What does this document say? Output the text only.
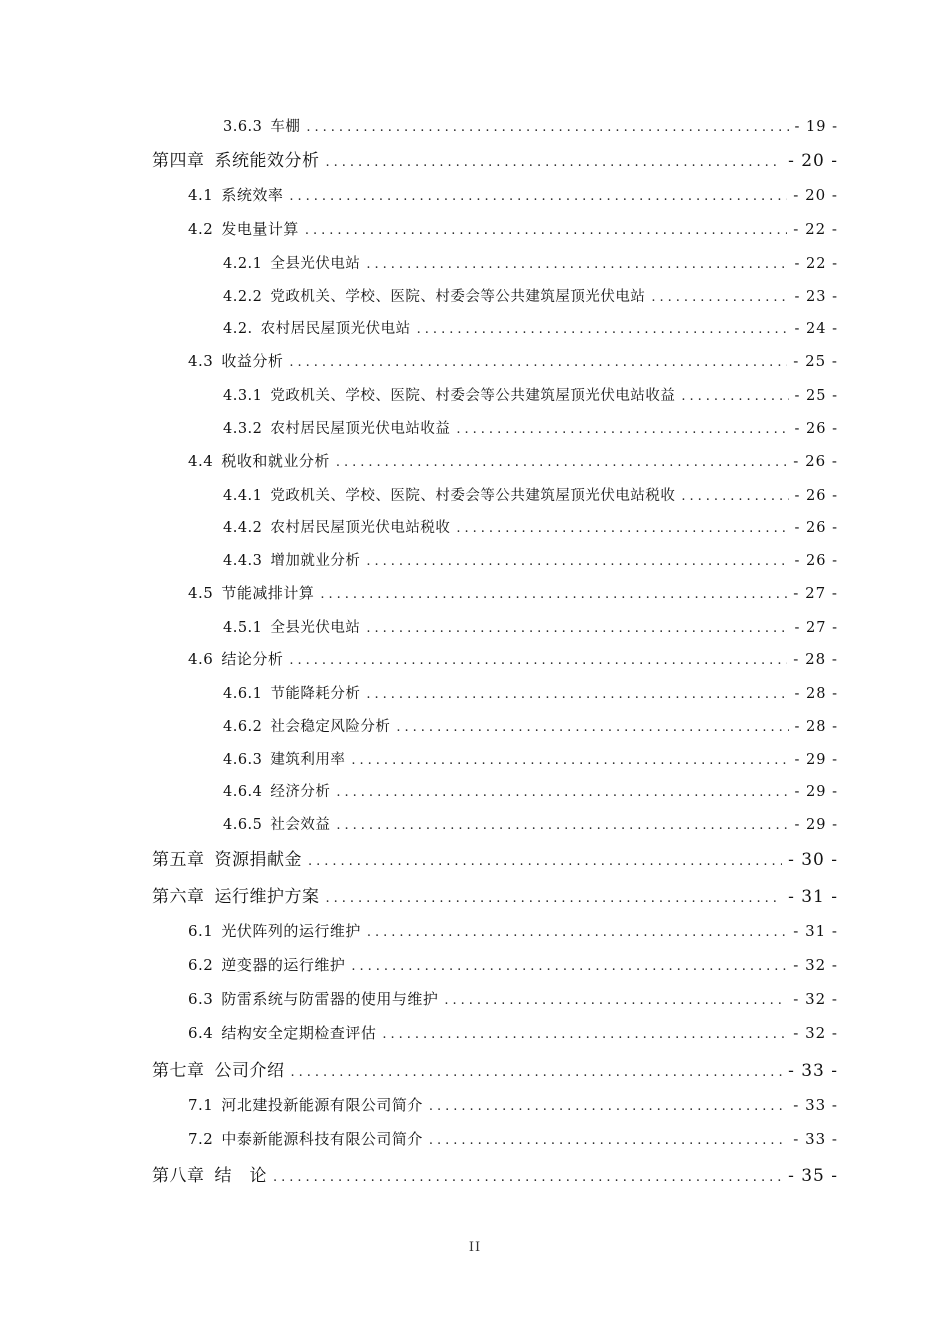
3.6.3 车棚 .....	- 19 -
第四章 系统能效分析 .....	- 20 -
4.1 系统效率 .....	- 20 -
4.2 发电量计算 .....	- 22 -
4.2.1 全县光伏电站 .....	- 22 -
4.2.2 党政机关、学校、医院、村委会等公共建筑屋顶光伏电站 .....	- 23 -
4.2. 农村居民屋顶光伏电站 .....	- 24 -
4.3 收益分析 .....	- 25 -
4.3.1 党政机关、学校、医院、村委会等公共建筑屋顶光伏电站收益 .....	- 25 -
4.3.2 农村居民屋顶光伏电站收益 .....	- 26 -
4.4 税收和就业分析 .....	- 26 -
4.4.1 党政机关、学校、医院、村委会等公共建筑屋顶光伏电站税收 .....	- 26 -
4.4.2 农村居民屋顶光伏电站税收 .....	- 26 -
4.4.3 增加就业分析 .....	- 26 -
4.5 节能减排计算 .....	- 27 -
4.5.1 全县光伏电站 .....	- 27 -
4.6 结论分析 .....	- 28 -
4.6.1 节能降耗分析 .....	- 28 -
4.6.2 社会稳定风险分析 .....	- 28 -
4.6.3 建筑利用率 .....	- 29 -
4.6.4 经济分析 .....	- 29 -
4.6.5 社会效益 .....	- 29 -
第五章 资源捐献金 .....	- 30 -
第六章 运行维护方案 .....	- 31 -
6.1 光伏阵列的运行维护 .....	- 31 -
6.2 逆变器的运行维护 .....	- 32 -
6.3 防雷系统与防雷器的使用与维护 .....	- 32 -
6.4 结构安全定期检查评估 .....	- 32 -
第七章 公司介绍 .....	- 33 -
7.1 河北建投新能源有限公司简介 .....	- 33 -
7.2 中泰新能源科技有限公司简介 .....	- 33 -
第八章 结　论 .....	- 35 -
II
